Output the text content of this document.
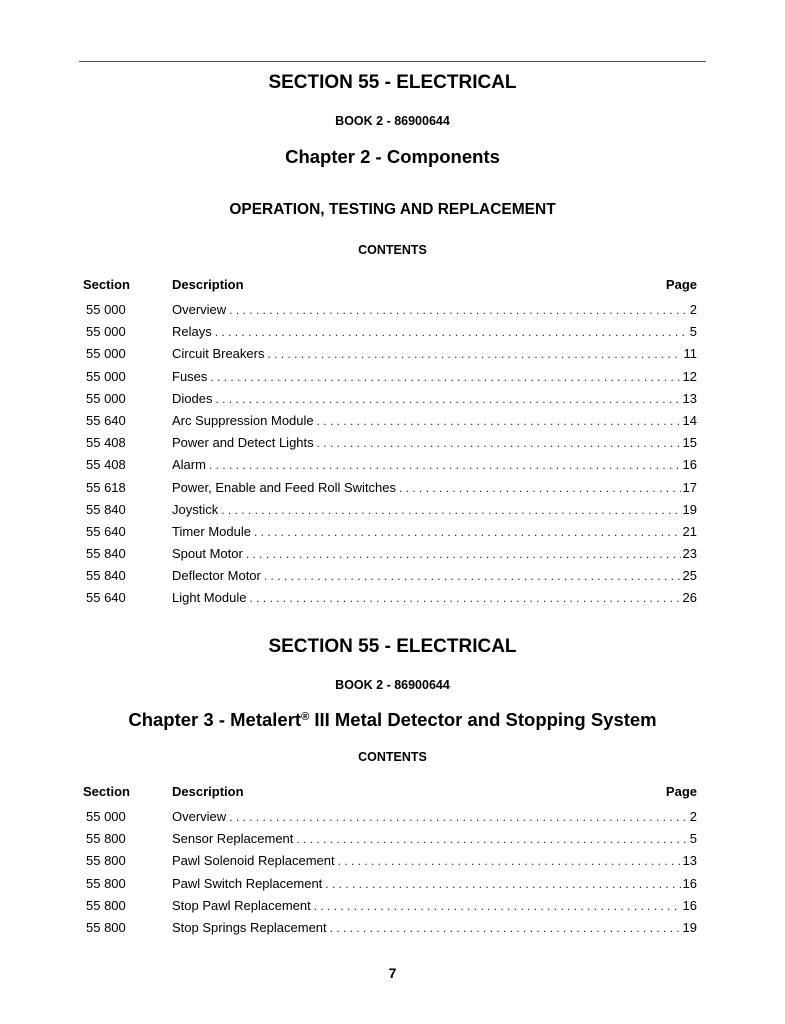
SECTION 55 - ELECTRICAL
BOOK 2 - 86900644
Chapter 2 - Components
OPERATION, TESTING AND REPLACEMENT
CONTENTS
Section	Description	Page
55 000	Overview . . .	2
55 000	Relays . . .	5
55 000	Circuit Breakers . . .	11
55 000	Fuses . . .	12
55 000	Diodes . . .	13
55 640	Arc Suppression Module . . .	14
55 408	Power and Detect Lights . . .	15
55 408	Alarm . . .	16
55 618	Power, Enable and Feed Roll Switches . . .	17
55 840	Joystick . . .	19
55 640	Timer Module . . .	21
55 840	Spout Motor . . .	23
55 840	Deflector Motor . . .	25
55 640	Light Module . . .	26
SECTION 55 - ELECTRICAL
BOOK 2 - 86900644
Chapter 3 - Metalert® III Metal Detector and Stopping System
CONTENTS
Section	Description	Page
55 000	Overview . . .	2
55 800	Sensor Replacement . . .	5
55 800	Pawl Solenoid Replacement . . .	13
55 800	Pawl Switch Replacement . . .	16
55 800	Stop Pawl Replacement . . .	16
55 800	Stop Springs Replacement . . .	19
7
